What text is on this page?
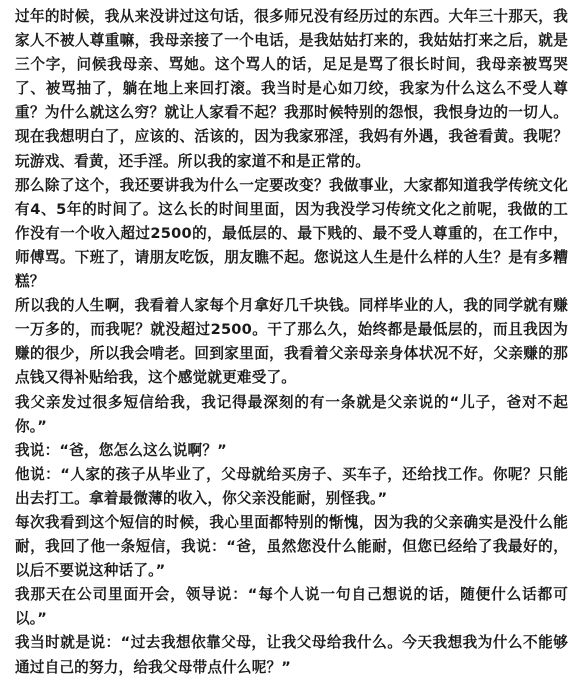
过年的时候，我从来没讲过这句话，很多师兄没有经历过的东西。大年三十那天，我家人不被人尊重嘛，我母亲接了一个电话，是我姑姑打来的，我姑姑打来之后，就是三个字，问候我母亲、骂她。这个骂人的话，足足是骂了很长时间，我母亲被骂哭了、被骂抽了，躺在地上来回打滚。我当时是心如刀绞，我家为什么这么不受人尊重？为什么就这么穷？就让人家看不起？我那时候特别的怨恨，我恨身边的一切人。现在我想明白了，应该的、活该的，因为我家邪淫，我妈有外遇，我爸看黄。我呢？玩游戏、看黄，还手淫。所以我的家道不和是正常的。

那么除了这个，我还要讲我为什么一定要改变？我做事业，大家都知道我学传统文化有4、5年的时间了。这么长的时间里面，因为我没学习传统文化之前呢，我做的工作没有一个收入超过2500的，最低层的、最下贱的、最不受人尊重的，在工作中，师傅骂。下班了，请朋友吃饭，朋友瞧不起。您说这人生是什么样的人生？是有多糟糕？

所以我的人生啊，我看着人家每个月拿好几千块钱。同样毕业的人，我的同学就有赚一万多的，而我呢？就没超过2500。干了那么久，始终都是最低层的，而且我因为赚的很少，所以我会啃老。回到家里面，我看着父亲母亲身体状况不好，父亲赚的那点钱又得补贴给我，这个感觉就更难受了。

我父亲发过很多短信给我，我记得最深刻的有一条就是父亲说的“儿子，爸对不起你。”

我说：“爸，您怎么这么说啊？”

他说：“人家的孩子从毕业了，父母就给买房子、买车子，还给找工作。你呢？只能出去打工。拿着最微薄的收入，你父亲没能耐，别怪我。”

每次我看到这个短信的时候，我心里面都特别的惭愧，因为我的父亲确实是没什么能耐，我回了他一条短信，我说：“爸，虽然您没什么能耐，但您已经给了我最好的，以后不要说这种话了。”

我那天在公司里面开会，领导说：“每个人说一句自己想说的话，随便什么话都可以。”

我当时就是说：“过去我想依靠父母，让我父母给我什么。今天我想我为什么不能够通过自己的努力，给我父母带点什么呢？”
